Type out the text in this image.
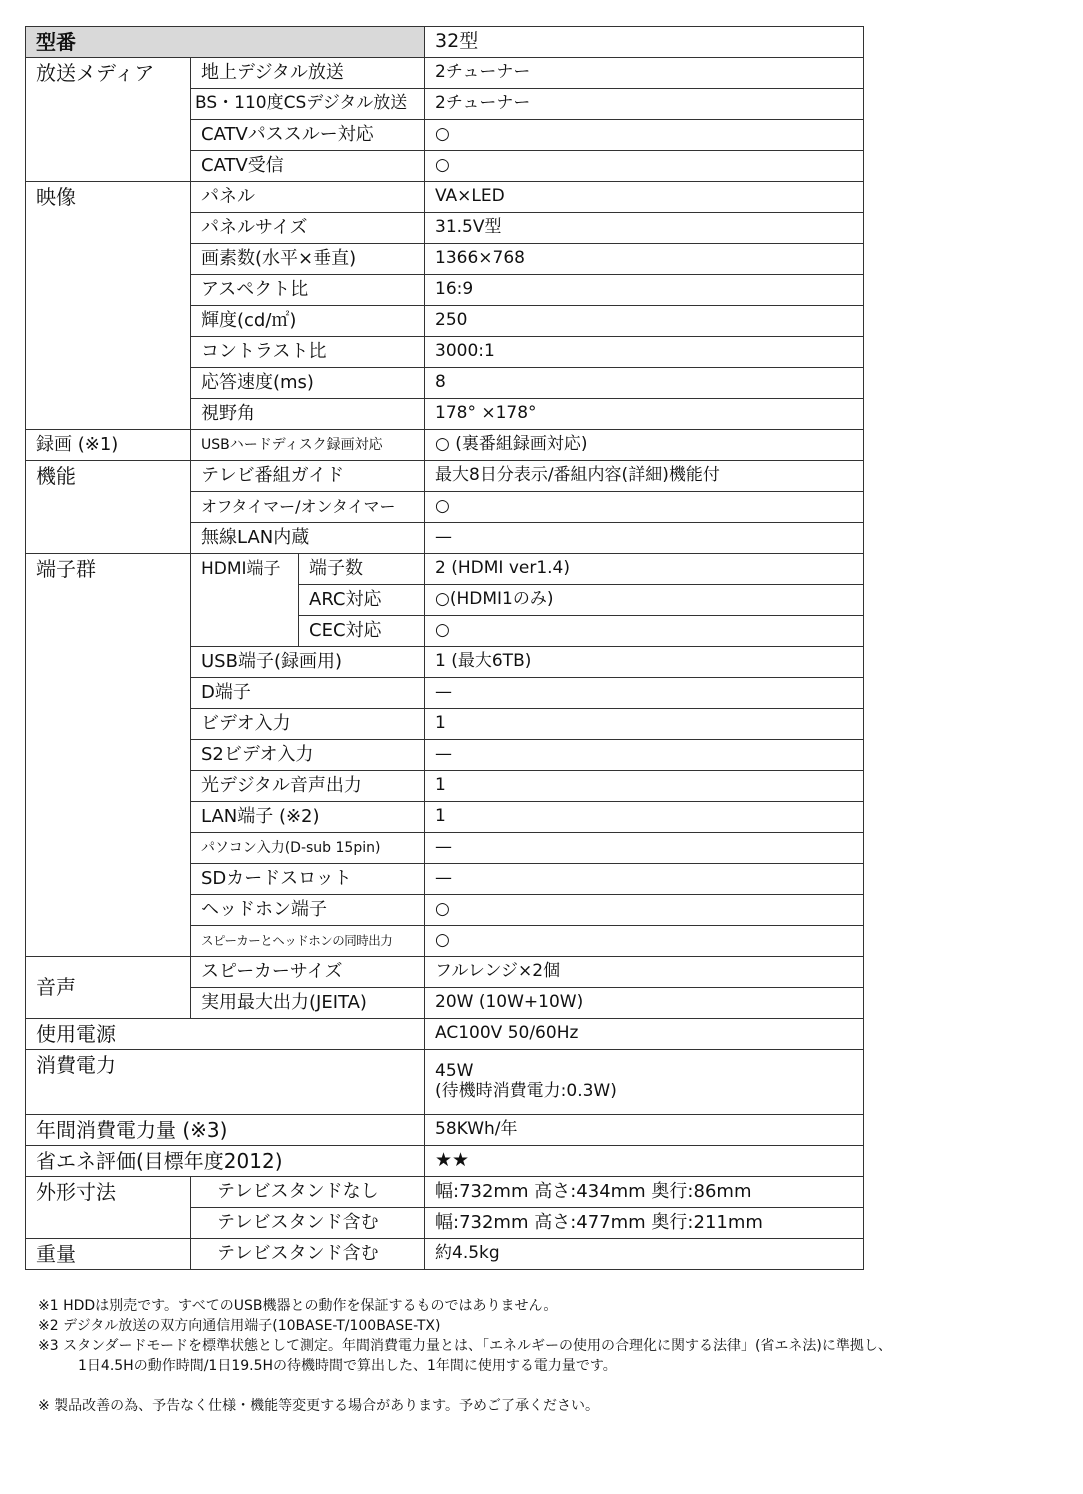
型番			32型
放送メディア	地上デジタル放送		2チューナー
	BS・110度CSデジタル放送		2チューナー
	CATVパススルー対応		○
	CATV受信		○
映像	パネル		VA×LED
	パネルサイズ		31.5V型
	画素数(水平×垂直)		1366×768
	アスペクト比		16:9
	輝度(cd/㎡)		250
	コントラスト比		3000:1
	応答速度(ms)		8
	視野角		178° ×178°
録画 (※1)	USBハードディスク録画対応		○ (裏番組録画対応)
機能	テレビ番組ガイド		最大8日分表示/番組内容(詳細)機能付
	オフタイマー/オンタイマー		○
	無線LAN内蔵		—
端子群	HDMI端子	端子数	2 (HDMI ver1.4)
		ARC対応	○(HDMI1のみ)
		CEC対応	○
	USB端子(録画用)		1 (最大6TB)
	D端子		—
	ビデオ入力		1
	S2ビデオ入力		—
	光デジタル音声出力		1
	LAN端子 (※2)		1
	パソコン入力(D-sub 15pin)		—
	SDカードスロット		—
	ヘッドホン端子		○
	スピーカーとヘッドホンの同時出力		○
音声	スピーカーサイズ		フルレンジ×2個
	実用最大出力(JEITA)		20W (10W+10W)
使用電源			AC100V 50/60Hz
消費電力			45W
(待機時消費電力:0.3W)

年間消費電力量 (※3)			58KWh/年
省エネ評価(目標年度2012)			★★
外形寸法	テレビスタンドなし		幅:732mm 高さ:434mm 奥行:86mm
	テレビスタンド含む		幅:732mm 高さ:477mm 奥行:211mm
重量	テレビスタンド含む		約4.5kg
※1 HDDは別売です。すべてのUSB機器との動作を保証するものではありません。
※2 デジタル放送の双方向通信用端子(10BASE-T/100BASE-TX)
※3 スタンダードモードを標準状態として測定。年間消費電力量とは、「エネルギーの使用の合理化に関する法律」(省エネ法)に準拠し、
1日4.5Hの動作時間/1日19.5Hの待機時間で算出した、1年間に使用する電力量です。
※ 製品改善の為、予告なく仕様・機能等変更する場合があります。予めご了承ください。
